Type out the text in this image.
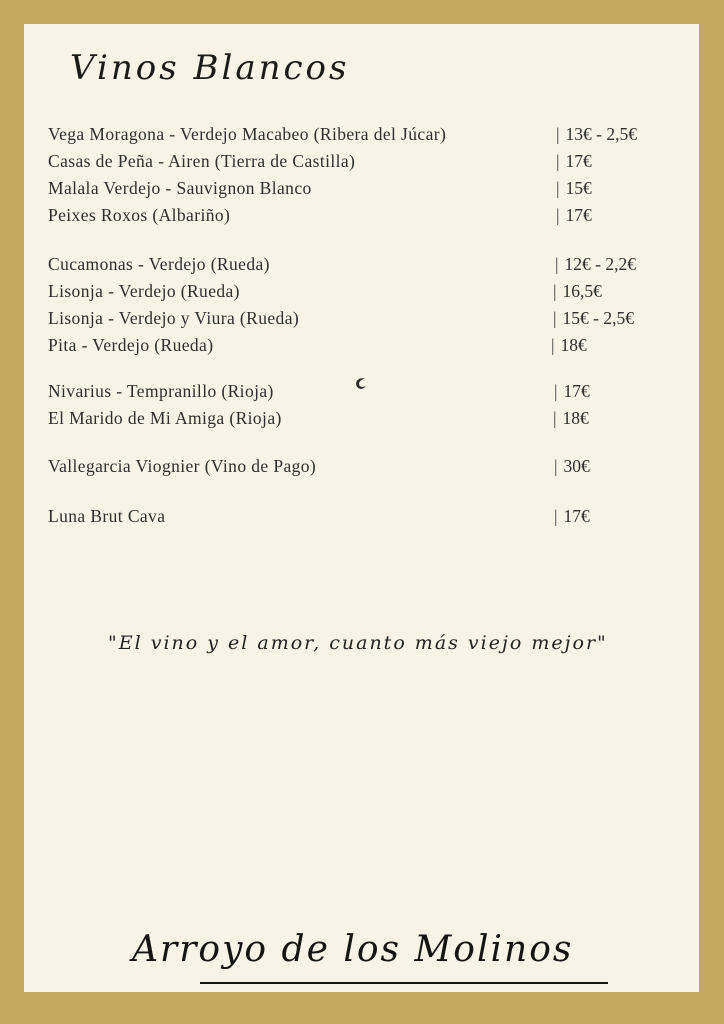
Vinos Blancos
Vega Moragona - Verdejo Macabeo (Ribera del Júcar)	| 13€ - 2,5€
Casas de Peña - Airen (Tierra de Castilla)	| 17€
Malala Verdejo - Sauvignon Blanco	| 15€
Peixes Roxos (Albariño)	| 17€
Cucamonas - Verdejo (Rueda)	| 12€ - 2,2€
Lisonja - Verdejo (Rueda)	| 16,5€
Lisonja - Verdejo y Viura (Rueda)	| 15€ - 2,5€
Pita - Verdejo (Rueda)	| 18€
Nivarius - Tempranillo (Rioja)	| 17€
El Marido de Mi Amiga (Rioja)	| 18€
Vallegarcia Viognier (Vino de Pago)	| 30€
Luna Brut Cava	| 17€
"El vino y el amor, cuanto más viejo mejor"
Arroyo de los Molinos
